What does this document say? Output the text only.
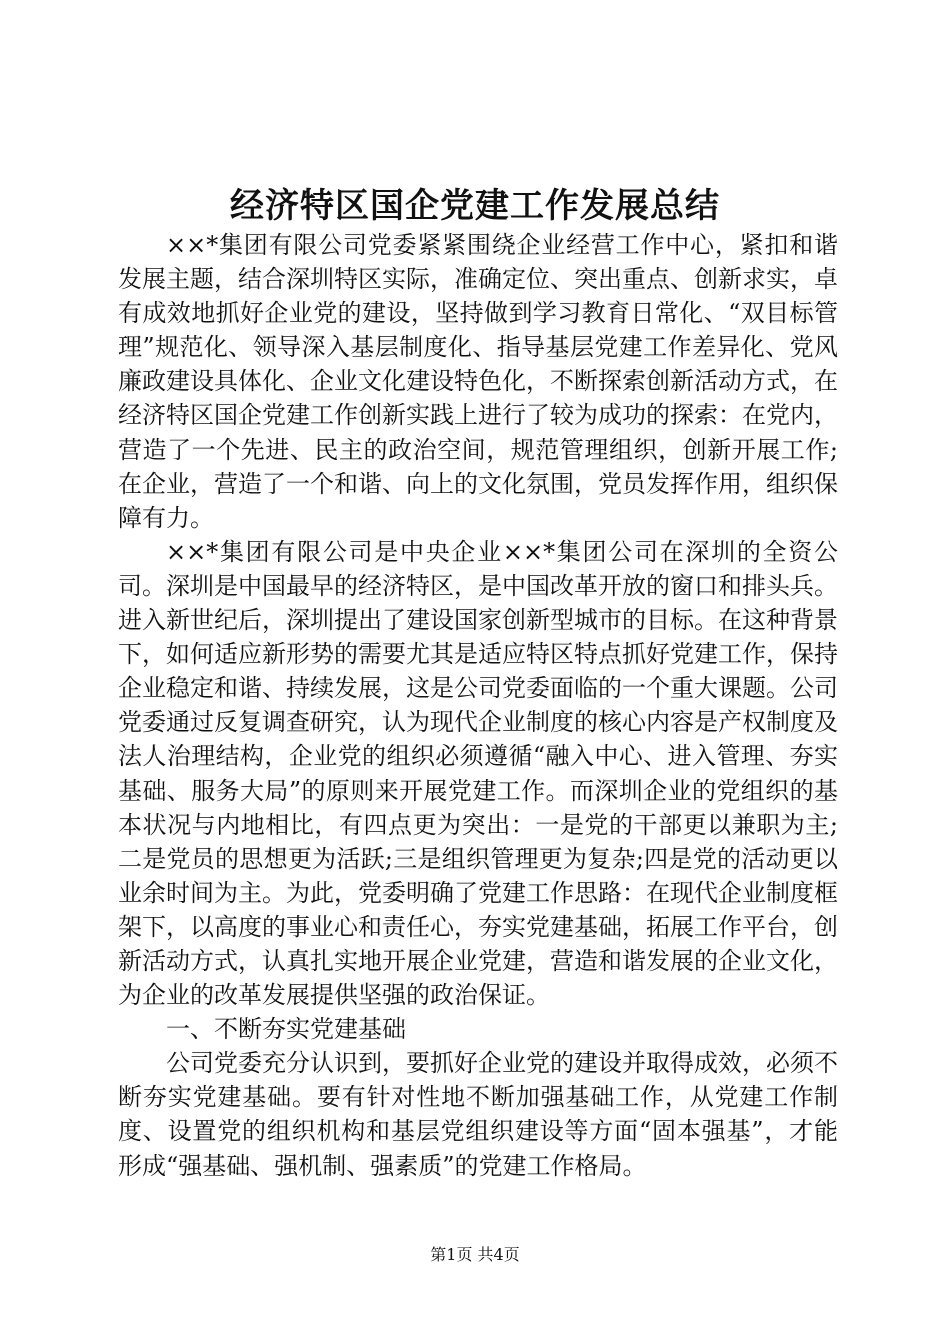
经济特区国企党建工作发展总结

××*集团有限公司党委紧紧围绕企业经营工作中心，紧扣和谐发展主题，结合深圳特区实际，准确定位、突出重点、创新求实，卓有成效地抓好企业党的建设，坚持做到学习教育日常化、“双目标管理”规范化、领导深入基层制度化、指导基层党建工作差异化、党风廉政建设具体化、企业文化建设特色化，不断探索创新活动方式，在经济特区国企党建工作创新实践上进行了较为成功的探索：在党内，营造了一个先进、民主的政治空间，规范管理组织，创新开展工作;在企业，营造了一个和谐、向上的文化氛围，党员发挥作用，组织保障有力。

××*集团有限公司是中央企业××*集团公司在深圳的全资公司。深圳是中国最早的经济特区，是中国改革开放的窗口和排头兵。进入新世纪后，深圳提出了建设国家创新型城市的目标。在这种背景下，如何适应新形势的需要尤其是适应特区特点抓好党建工作，保持企业稳定和谐、持续发展，这是公司党委面临的一个重大课题。公司党委通过反复调查研究，认为现代企业制度的核心内容是产权制度及法人治理结构，企业党的组织必须遵循“融入中心、进入管理、夯实基础、服务大局”的原则来开展党建工作。而深圳企业的党组织的基本状况与内地相比，有四点更为突出：一是党的干部更以兼职为主;二是党员的思想更为活跃;三是组织管理更为复杂;四是党的活动更以业余时间为主。为此，党委明确了党建工作思路：在现代企业制度框架下，以高度的事业心和责任心，夯实党建基础，拓展工作平台，创新活动方式，认真扎实地开展企业党建，营造和谐发展的企业文化，为企业的改革发展提供坚强的政治保证。

一、不断夯实党建基础

公司党委充分认识到，要抓好企业党的建设并取得成效，必须不断夯实党建基础。要有针对性地不断加强基础工作，从党建工作制度、设置党的组织机构和基层党组织建设等方面“固本强基”，才能形成“强基础、强机制、强素质”的党建工作格局。

第1页 共4页
